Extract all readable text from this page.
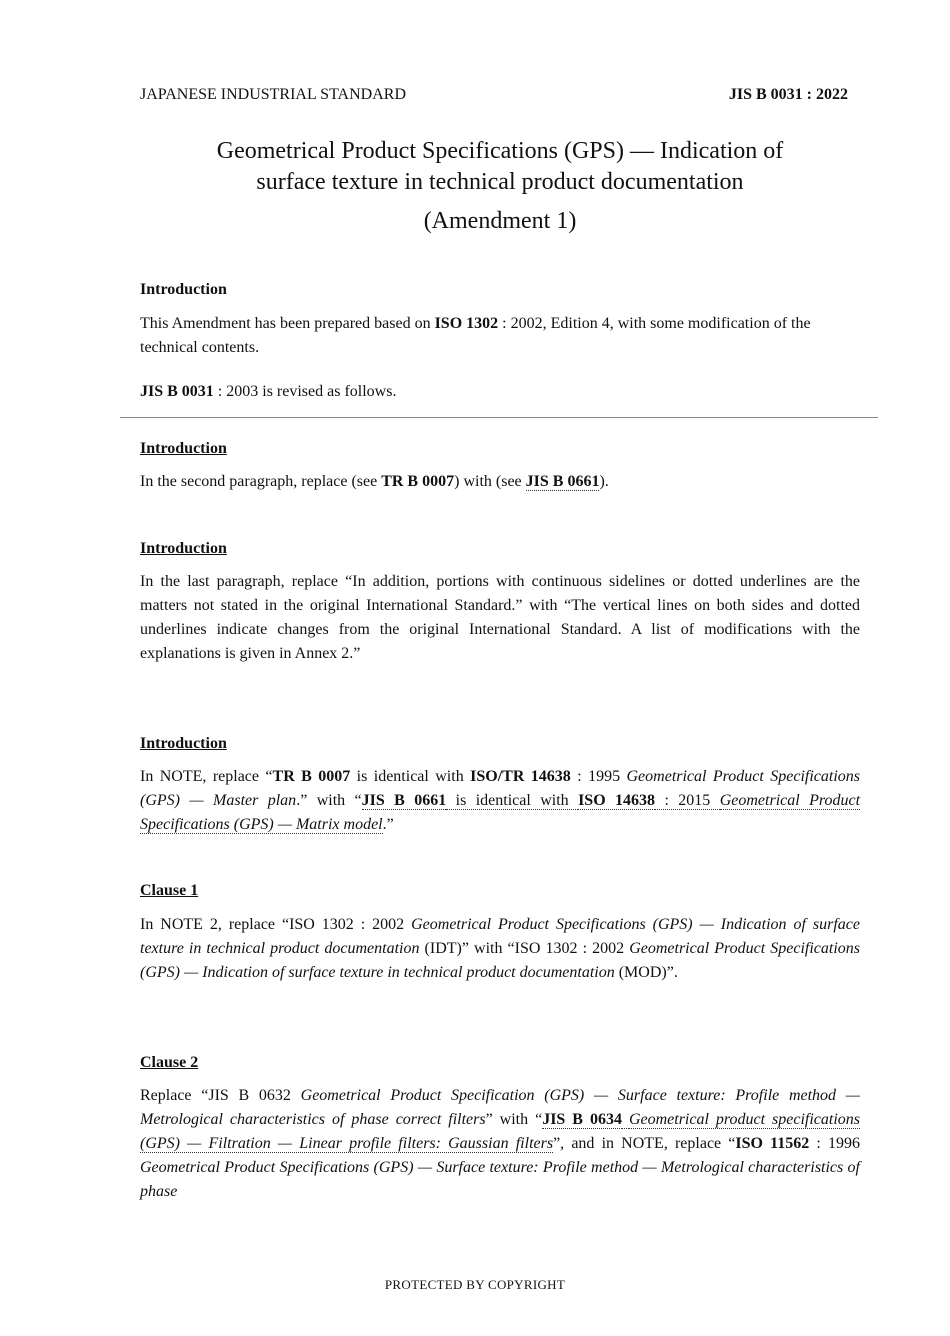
JAPANESE INDUSTRIAL STANDARD	JIS B 0031 : 2022
Geometrical Product Specifications (GPS) — Indication of
surface texture in technical product documentation
(Amendment 1)
Introduction
This Amendment has been prepared based on ISO 1302 : 2002, Edition 4, with some modification of the technical contents.
JIS B 0031 : 2003 is revised as follows.
Introduction
In the second paragraph, replace (see TR B 0007) with (see JIS B 0661).
Introduction
In the last paragraph, replace “In addition, portions with continuous sidelines or dotted underlines are the matters not stated in the original International Standard.” with “The vertical lines on both sides and dotted underlines indicate changes from the original International Standard. A list of modifications with the explanations is given in Annex 2.”
Introduction
In NOTE, replace “TR B 0007 is identical with ISO/TR 14638 : 1995 Geometrical Product Specifications (GPS) — Master plan.” with “JIS B 0661 is identical with ISO 14638 : 2015 Geometrical Product Specifications (GPS) — Matrix model.”
Clause 1
In NOTE 2, replace “ISO 1302 : 2002 Geometrical Product Specifications (GPS) — Indication of surface texture in technical product documentation (IDT)” with “ISO 1302 : 2002 Geometrical Product Specifications (GPS) — Indication of surface texture in technical product documentation (MOD)”.
Clause 2
Replace “JIS B 0632 Geometrical Product Specification (GPS) — Surface texture: Profile method — Metrological characteristics of phase correct filters” with “JIS B 0634 Geometrical product specifications (GPS) — Filtration — Linear profile filters: Gaussian filters”, and in NOTE, replace “ISO 11562 : 1996 Geometrical Product Specifications (GPS) — Surface texture: Profile method — Metrological characteristics of phase
PROTECTED BY COPYRIGHT
